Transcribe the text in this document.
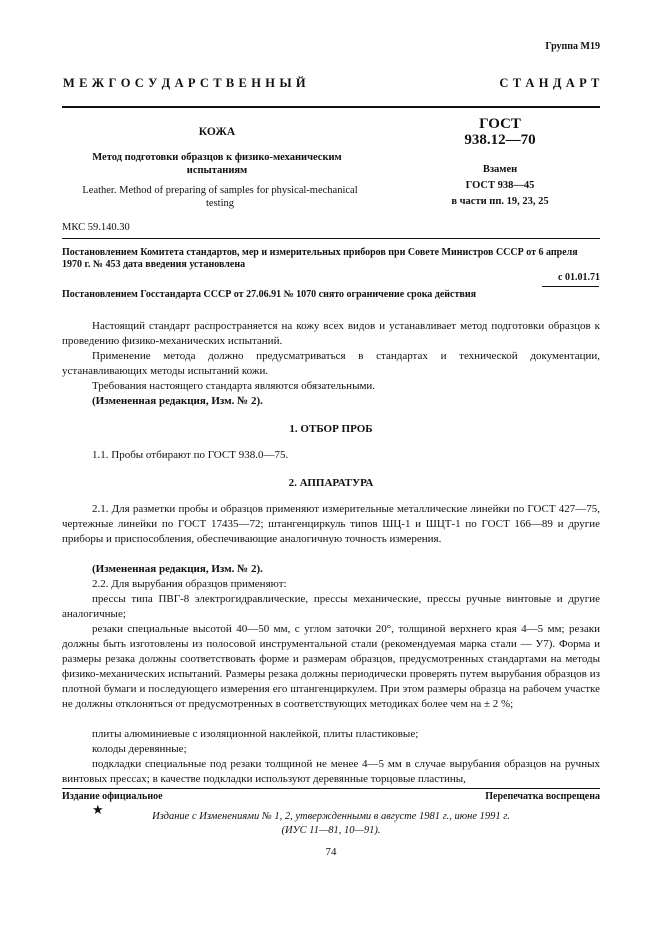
Группа М19
М Е Ж Г О С У Д А Р С Т В Е Н Н Ы Й	С Т А Н Д А Р Т
КОЖА
Метод подготовки образцов к физико-механическим испытаниям
Leather. Method of preparing of samples for physical-mechanical testing
ГОСТ
938.12—70
Взамен
ГОСТ 938—45
в части пп. 19, 23, 25
МКС 59.140.30
Постановлением Комитета стандартов, мер и измерительных приборов при Совете Министров СССР от 6 апреля 1970 г. № 453 дата введения установлена
с 01.01.71
Постановлением Госстандарта СССР от 27.06.91 № 1070 снято ограничение срока действия
Настоящий стандарт распространяется на кожу всех видов и устанавливает метод подготовки образцов к проведению физико-механических испытаний.
Применение метода должно предусматриваться в стандартах и технической документации, устанавливающих методы испытаний кожи.
Требования настоящего стандарта являются обязательными.
(Измененная редакция, Изм. № 2).
1. ОТБОР ПРОБ
1.1. Пробы отбирают по ГОСТ 938.0—75.
2. АППАРАТУРА
2.1. Для разметки пробы и образцов применяют измерительные металлические линейки по ГОСТ 427—75, чертежные линейки по ГОСТ 17435—72; штангенциркуль типов ШЦ-1 и ШЦТ-1 по ГОСТ 166—89 и другие приборы и приспособления, обеспечивающие аналогичную точность измерения.
(Измененная редакция, Изм. № 2).
2.2. Для вырубания образцов применяют:
прессы типа ПВГ-8 электрогидравлические, прессы механические, прессы ручные винтовые и другие аналогичные;
резаки специальные высотой 40—50 мм, с углом заточки 20°, толщиной верхнего края 4—5 мм; резаки должны быть изготовлены из полосовой инструментальной стали (рекомендуемая марка стали — У7). Форма и размеры резака должны соответствовать форме и размерам образцов, предусмотренных стандартами на методы физико-механических испытаний. Размеры резака должны периодически проверять путем вырубания образцов из плотной бумаги и последующего измерения его штангенциркулем. При этом размеры образца на рабочем участке не должны отклоняться от предусмотренных в соответствующих методиках более чем на ± 2 %;
плиты алюминиевые с изоляционной наклейкой, плиты пластиковые;
колоды деревянные;
подкладки специальные под резаки толщиной не менее 4—5 мм в случае вырубания образцов на ручных винтовых прессах; в качестве подкладки используют деревянные торцовые пластины,
Издание официальное	Перепечатка воспрещена
★	Издание с Изменениями № 1, 2, утвержденными в августе 1981 г., июне 1991 г.
(ИУС 11—81, 10—91).
74
